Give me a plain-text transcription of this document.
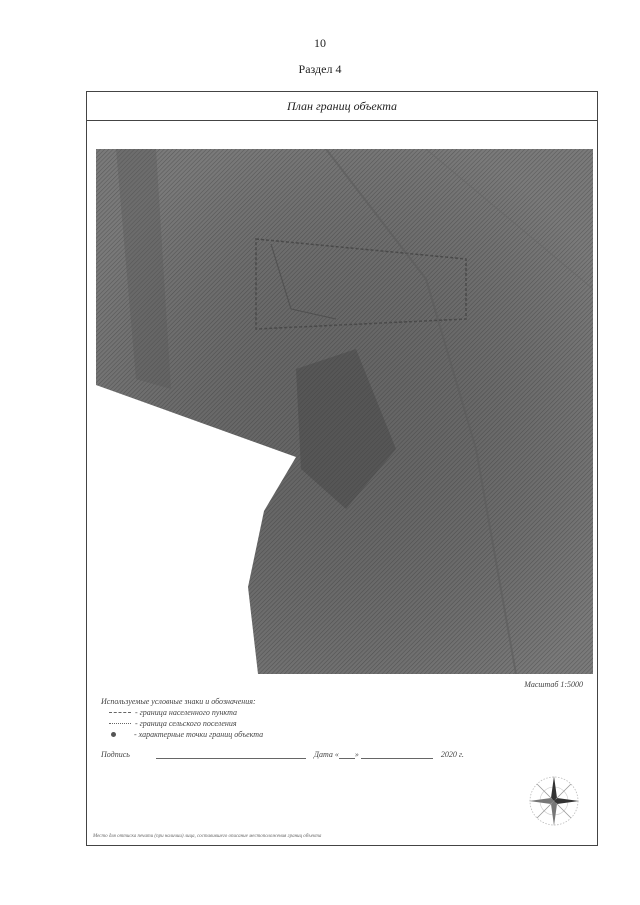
10
Раздел 4
План границ объекта
Масштаб 1:5000
Используемые условные знаки и обозначения:
- граница населенного пункта
- граница сельского поселения
- характерные точки границ объекта
Подпись	Дата « »	2020 г.
Место для оттиска печати (при наличии) лица, составившего описание местоположения границ объекта
